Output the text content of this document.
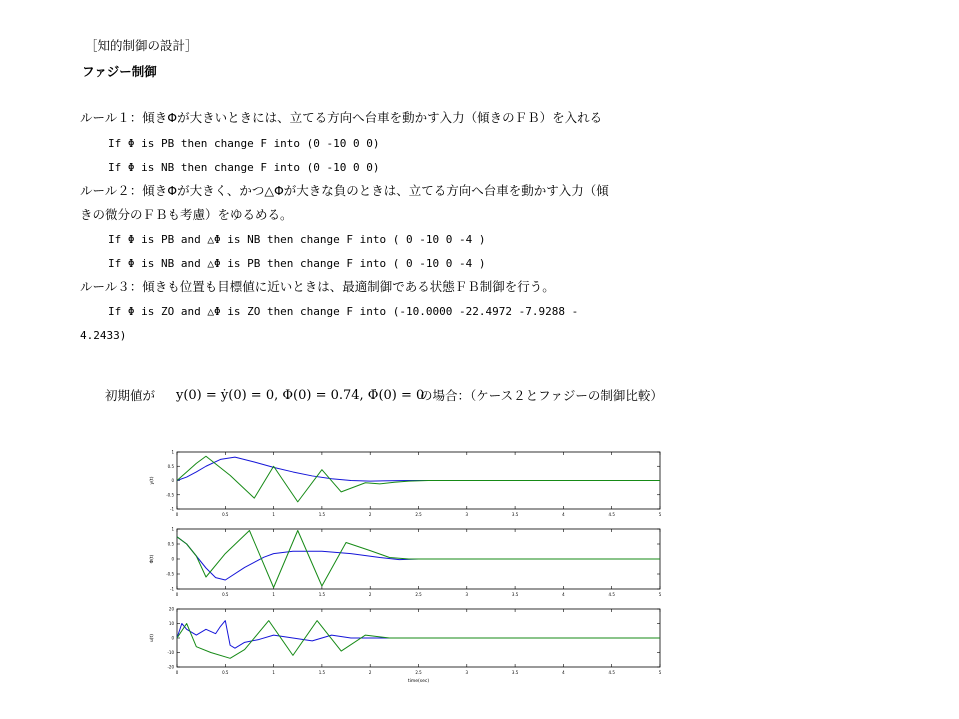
［知的制御の設計］
ファジー制御
ルール１：傾きΦが大きいときには、立てる方向へ台車を動かす入力（傾きのＦＢ）を入れる
If Φ is PB then change F into (0 -10 0 0)
If Φ is NB then change F into (0 -10 0 0)
ルール２：傾きΦが大きく、かつ△Φが大きな負のときは、立てる方向へ台車を動かす入力（傾
きの微分のＦＢも考慮）をゆるめる。
If Φ is PB and △Φ is NB then change F into ( 0 -10 0 -4 )
If Φ is NB and △Φ is PB then change F into ( 0 -10 0 -4 )
ルール３：傾きも位置も目標値に近いときは、最適制御である状態ＦＢ制御を行う。
If Φ is ZO and △Φ is ZO then change F into (-10.0000 -22.4972 -7.9288 -
4.2433)
初期値が y(0) = ẏ(0) = 0, Φ(0) = 0.74, Φ̇(0) = 0
の場合：（ケース２とファジーの制御比較）
0	0.5	1	1.5	2	2.5	3	3.5	4	4.5	5
1
0.5
0
-0.5
-1
y(t)
0	0.5	1	1.5	2	2.5	3	3.5	4	4.5	5
1
0.5
0
-0.5
-1
Φ(t)
0	0.5	1	1.5	2	2.5	3	3.5	4	4.5	5
20
10
0
-10
-20
u(t)
time(sec)
